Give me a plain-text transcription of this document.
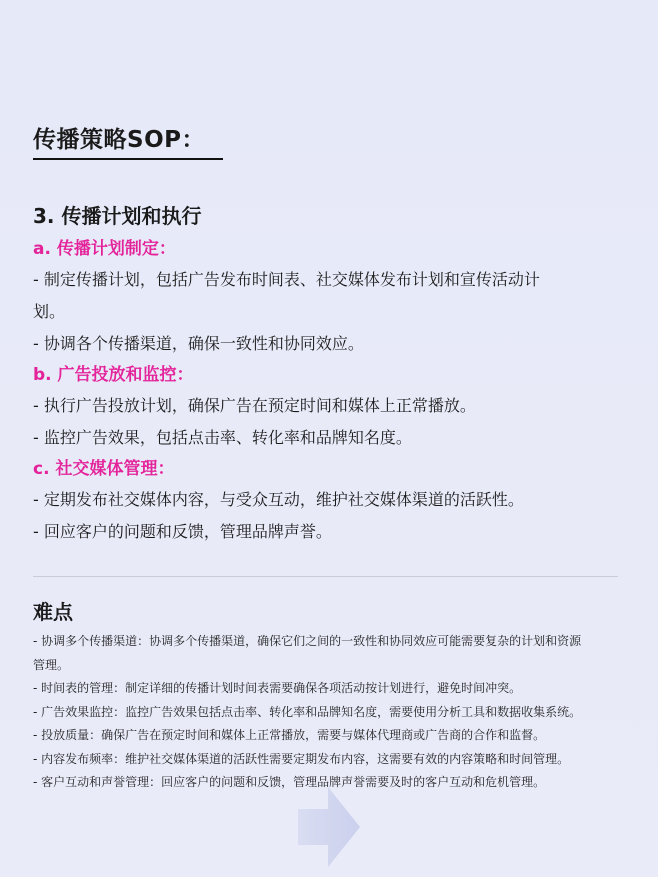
传播策略SOP：
3. 传播计划和执行
a. 传播计划制定：
- 制定传播计划，包括广告发布时间表、社交媒体发布计划和宣传活动计
划。
- 协调各个传播渠道，确保一致性和协同效应。
b. 广告投放和监控：
- 执行广告投放计划，确保广告在预定时间和媒体上正常播放。
- 监控广告效果，包括点击率、转化率和品牌知名度。
c. 社交媒体管理：
- 定期发布社交媒体内容，与受众互动，维护社交媒体渠道的活跃性。
- 回应客户的问题和反馈，管理品牌声誉。
难点
- 协调多个传播渠道：协调多个传播渠道，确保它们之间的一致性和协同效应可能需要复杂的计划和资源
管理。
- 时间表的管理：制定详细的传播计划时间表需要确保各项活动按计划进行，避免时间冲突。
- 广告效果监控：监控广告效果包括点击率、转化率和品牌知名度，需要使用分析工具和数据收集系统。
- 投放质量：确保广告在预定时间和媒体上正常播放，需要与媒体代理商或广告商的合作和监督。
- 内容发布频率：维护社交媒体渠道的活跃性需要定期发布内容，这需要有效的内容策略和时间管理。
- 客户互动和声誉管理：回应客户的问题和反馈，管理品牌声誉需要及时的客户互动和危机管理。
